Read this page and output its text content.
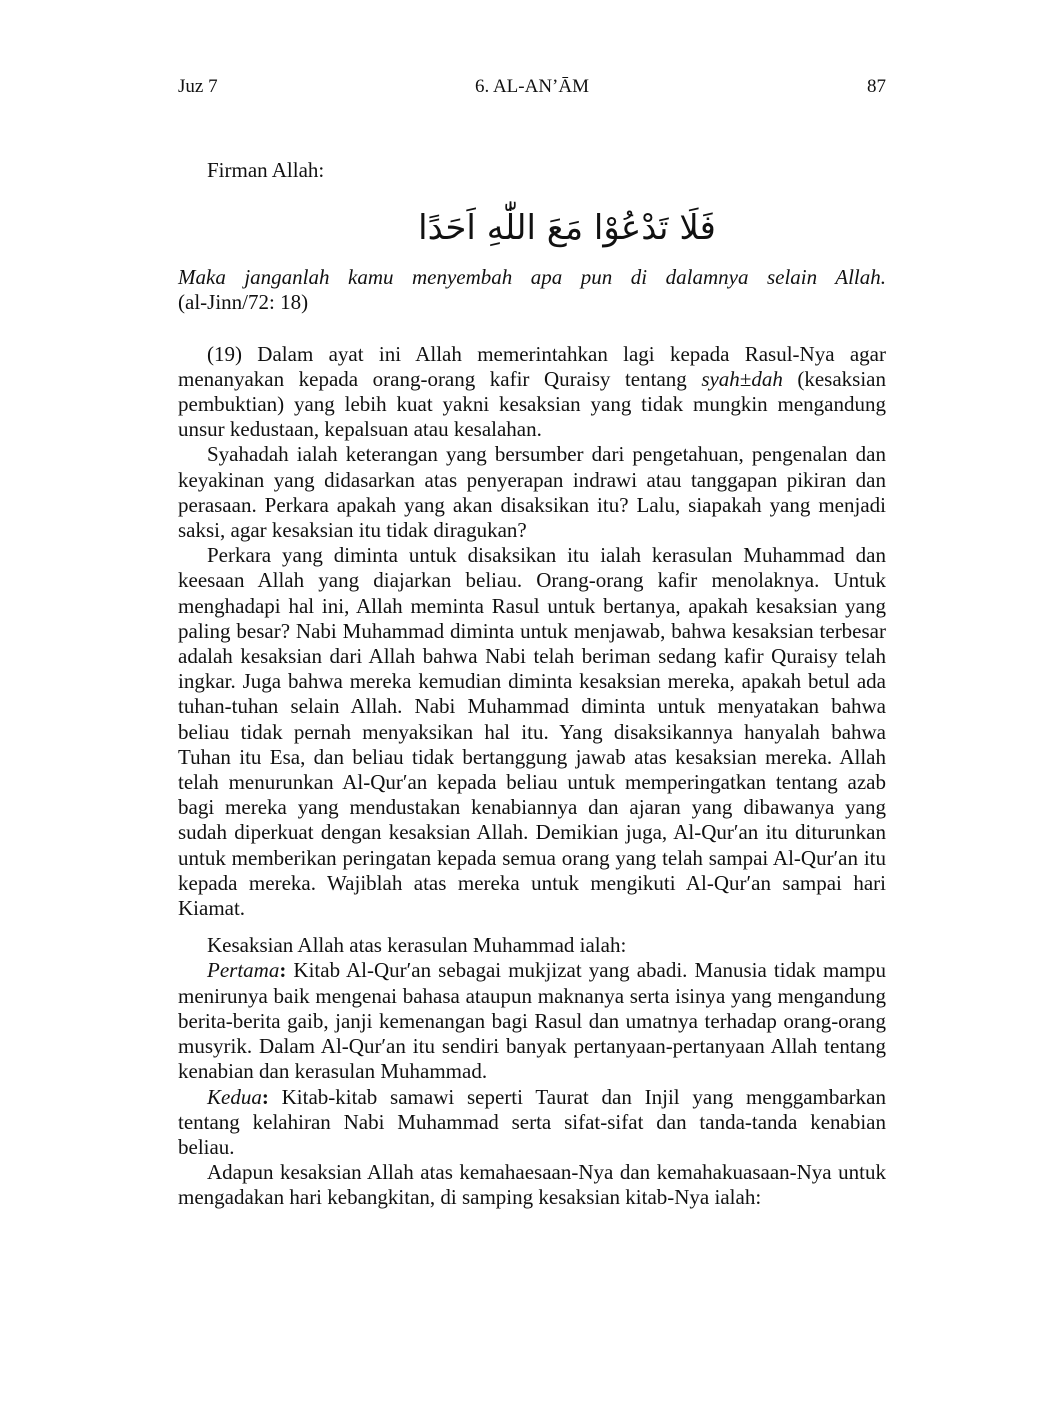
Juz 7	6. AL-AN’ĀM	87

Firman Allah:

فَلَا تَدْعُوْا مَعَ اللّٰهِ اَحَدًا

Maka janganlah kamu menyembah apa pun di dalamnya selain Allah.

(al-Jinn/72: 18)

(19) Dalam ayat ini Allah memerintahkan lagi kepada Rasul-Nya agar menanyakan kepada orang-orang kafir Quraisy tentang syah±dah (kesaksian pembuktian) yang lebih kuat yakni kesaksian yang tidak mungkin mengandung unsur kedustaan, kepalsuan atau kesalahan.

Syahadah ialah keterangan yang bersumber dari pengetahuan, pengenalan dan keyakinan yang didasarkan atas penyerapan indrawi atau tanggapan pikiran dan perasaan. Perkara apakah yang akan disaksikan itu? Lalu, siapakah yang menjadi saksi, agar kesaksian itu tidak diragukan?

Perkara yang diminta untuk disaksikan itu ialah kerasulan Muhammad dan keesaan Allah yang diajarkan beliau. Orang-orang kafir menolaknya. Untuk menghadapi hal ini, Allah meminta Rasul untuk bertanya, apakah kesaksian yang paling besar? Nabi Muhammad diminta untuk menjawab, bahwa kesaksian terbesar adalah kesaksian dari Allah bahwa Nabi telah beriman sedang kafir Quraisy telah ingkar. Juga bahwa mereka kemudian diminta kesaksian mereka, apakah betul ada tuhan-tuhan selain Allah. Nabi Muhammad diminta untuk menyatakan bahwa beliau tidak pernah menyaksikan hal itu. Yang disaksikannya hanyalah bahwa Tuhan itu Esa, dan beliau tidak bertanggung jawab atas kesaksian mereka. Allah telah menurunkan Al-Qur′an kepada beliau untuk memperingatkan tentang azab bagi mereka yang mendustakan kenabiannya dan ajaran yang dibawanya yang sudah diperkuat dengan kesaksian Allah. Demikian juga, Al-Qur′an itu diturunkan untuk memberikan peringatan kepada semua orang yang telah sampai Al-Qur′an itu kepada mereka. Wajiblah atas mereka untuk mengikuti Al-Qur′an sampai hari Kiamat.

Kesaksian Allah atas kerasulan Muhammad ialah:

Pertama: Kitab Al-Qur′an sebagai mukjizat yang abadi. Manusia tidak mampu menirunya baik mengenai bahasa ataupun maknanya serta isinya yang mengandung berita-berita gaib, janji kemenangan bagi Rasul dan umatnya terhadap orang-orang musyrik. Dalam Al-Qur′an itu sendiri banyak pertanyaan-pertanyaan Allah tentang kenabian dan kerasulan Muhammad.

Kedua: Kitab-kitab samawi seperti Taurat dan Injil yang menggambarkan tentang kelahiran Nabi Muhammad serta sifat-sifat dan tanda-tanda kenabian beliau.

Adapun kesaksian Allah atas kemahaesaan-Nya dan kemahakuasaan-Nya untuk mengadakan hari kebangkitan, di samping kesaksian kitab-Nya ialah:
